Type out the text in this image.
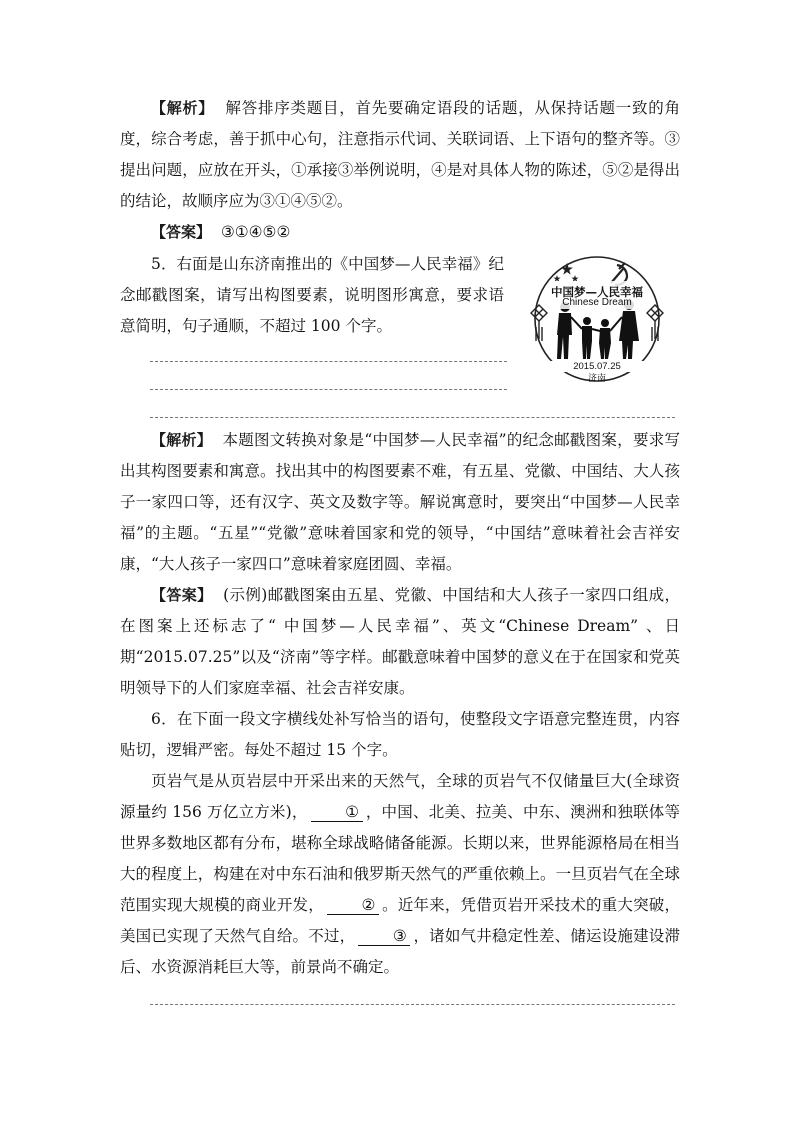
【解析】 解答排序类题目，首先要确定语段的话题，从保持话题一致的角度，综合考虑，善于抓中心句，注意指示代词、关联词语、上下语句的整齐等。③提出问题，应放在开头，①承接③举例说明，④是对具体人物的陈述，⑤②是得出的结论，故顺序应为③①④⑤②。

【答案】 ③①④⑤②

5．右面是山东济南推出的《中国梦—人民幸福》纪念邮戳图案，请写出构图要素，说明图形寓意，要求语意简明，句子通顺，不超过 100 个字。

中国梦—人民幸福
Chinese Dream
2015.07.25
济南

【解析】 本题图文转换对象是“中国梦—人民幸福”的纪念邮戳图案，要求写出其构图要素和寓意。找出其中的构图要素不难，有五星、党徽、中国结、大人孩子一家四口等，还有汉字、英文及数字等。解说寓意时，要突出“中国梦—人民幸福”的主题。“五星”“党徽”意味着国家和党的领导，“中国结”意味着社会吉祥安康，“大人孩子一家四口”意味着家庭团圆、幸福。

【答案】 (示例)邮戳图案由五星、党徽、中国结和大人孩子一家四口组成，在图案上还标志了“ 中国梦—人民幸福”、英文“Chinese Dream” 、日期“2015.07.25”以及“济南”等字样。邮戳意味着中国梦的意义在于在国家和党英明领导下的人们家庭幸福、社会吉祥安康。

6．在下面一段文字横线处补写恰当的语句，使整段文字语意完整连贯，内容贴切，逻辑严密。每处不超过 15 个字。

页岩气是从页岩层中开采出来的天然气，全球的页岩气不仅储量巨大(全球资源量约 156 万亿立方米)， ① ，中国、北美、拉美、中东、澳洲和独联体等世界多数地区都有分布，堪称全球战略储备能源。长期以来，世界能源格局在相当大的程度上，构建在对中东石油和俄罗斯天然气的严重依赖上。一旦页岩气在全球范围实现大规模的商业开发， ② 。近年来，凭借页岩开采技术的重大突破，美国已实现了天然气自给。不过， ③ ，诸如气井稳定性差、储运设施建设滞后、水资源消耗巨大等，前景尚不确定。
